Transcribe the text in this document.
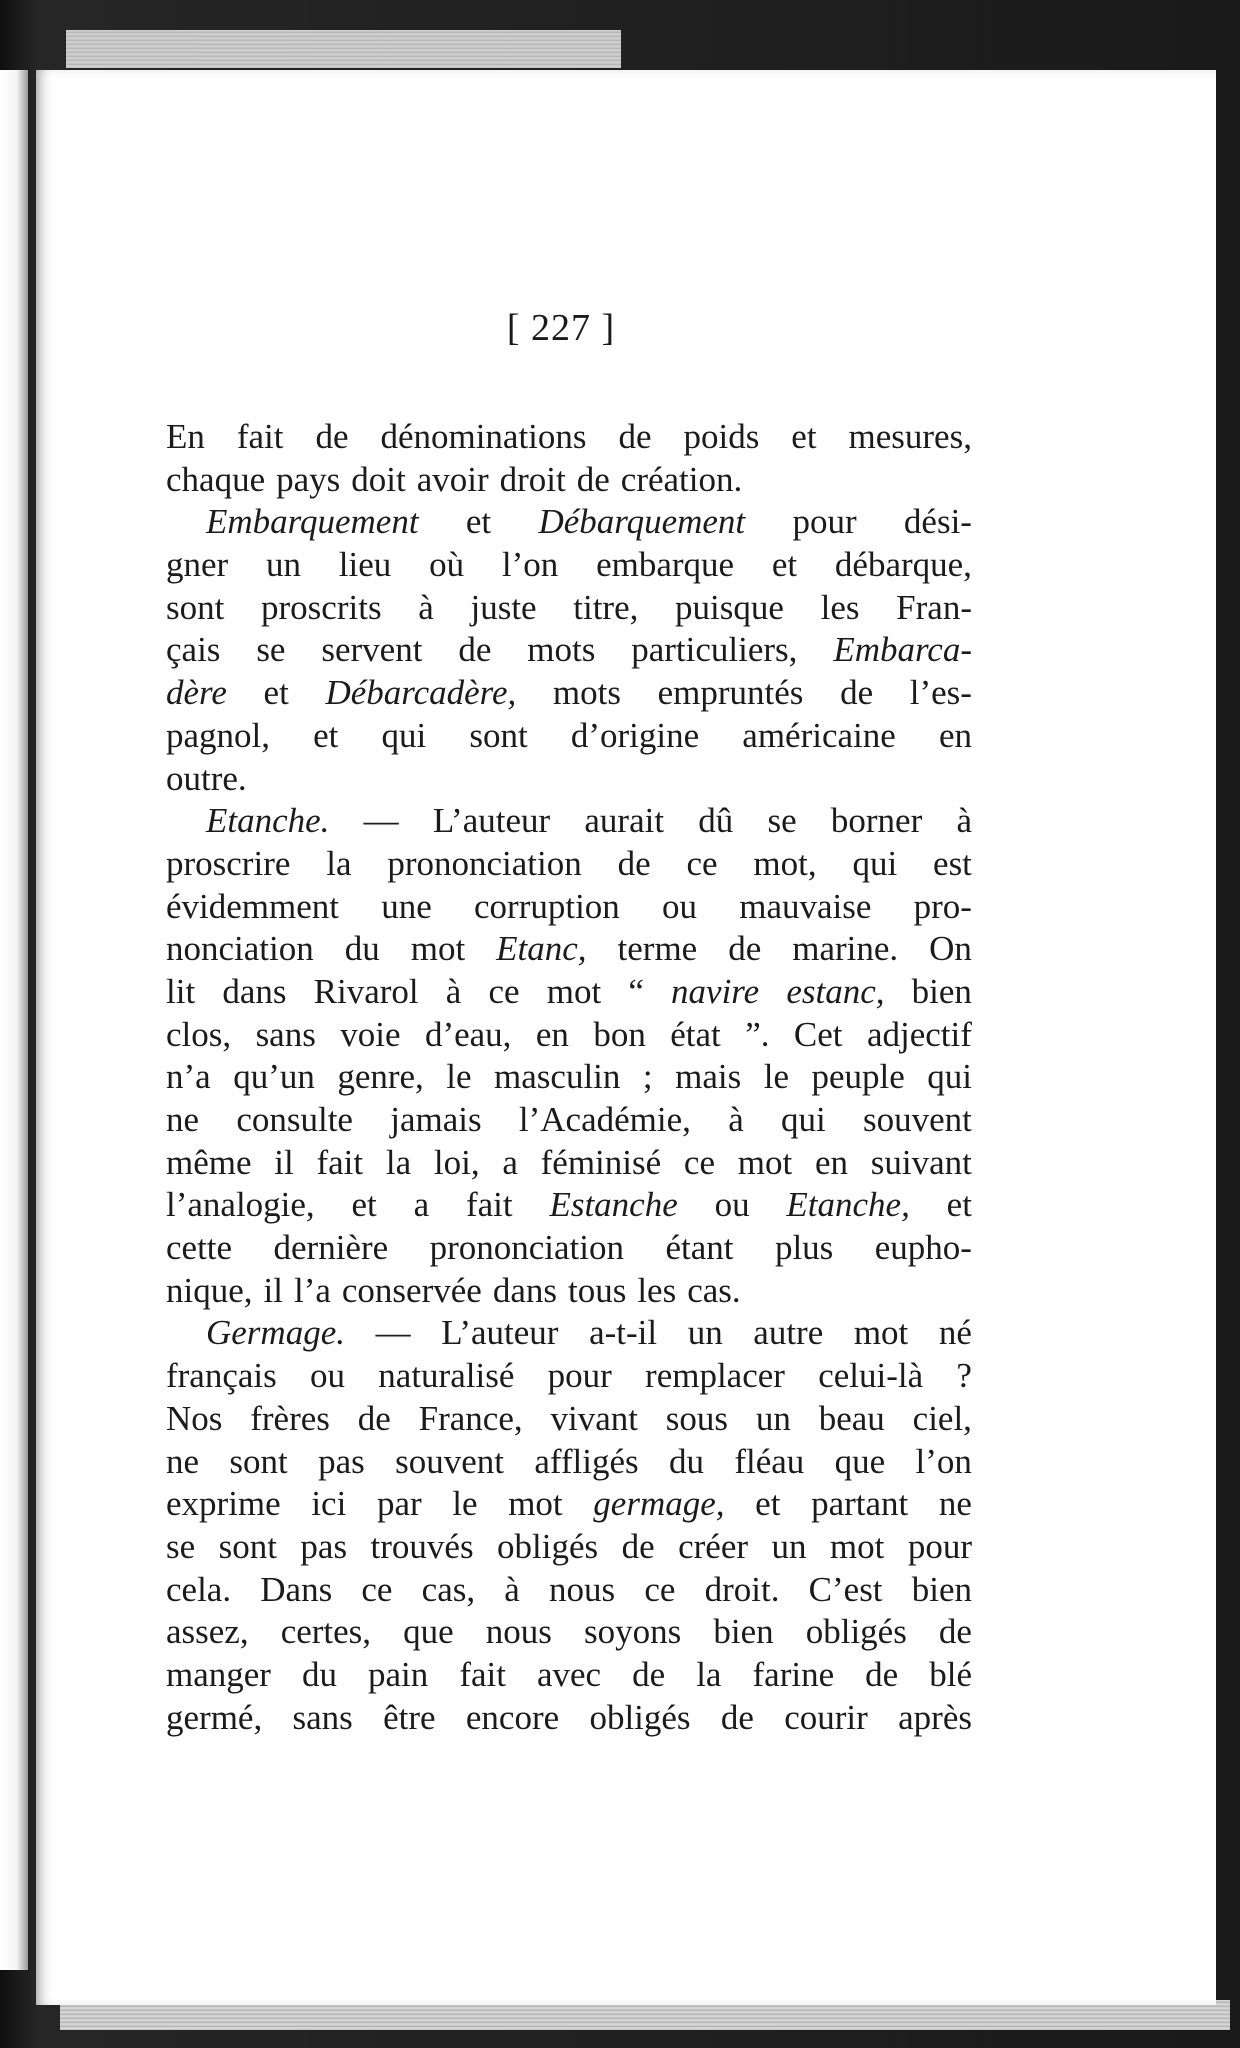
[ 227 ]
En fait de dénominations de poids et mesures,
chaque pays doit avoir droit de création.
Embarquement et Débarquement pour dési-
gner un lieu où l’on embarque et débarque,
sont proscrits à juste titre, puisque les Fran-
çais se servent de mots particuliers, Embarca-
dère et Débarcadère, mots empruntés de l’es-
pagnol, et qui sont d’origine américaine en
outre.
Etanche. — L’auteur aurait dû se borner à
proscrire la prononciation de ce mot, qui est
évidemment une corruption ou mauvaise pro-
nonciation du mot Etanc, terme de marine. On
lit dans Rivarol à ce mot “ navire estanc, bien
clos, sans voie d’eau, en bon état ”. Cet adjectif
n’a qu’un genre, le masculin ; mais le peuple qui
ne consulte jamais l’Académie, à qui souvent
même il fait la loi, a féminisé ce mot en suivant
l’analogie, et a fait Estanche ou Etanche, et
cette dernière prononciation étant plus eupho-
nique, il l’a conservée dans tous les cas.
Germage. — L’auteur a-t-il un autre mot né
français ou naturalisé pour remplacer celui-là ?
Nos frères de France, vivant sous un beau ciel,
ne sont pas souvent affligés du fléau que l’on
exprime ici par le mot germage, et partant ne
se sont pas trouvés obligés de créer un mot pour
cela. Dans ce cas, à nous ce droit. C’est bien
assez, certes, que nous soyons bien obligés de
manger du pain fait avec de la farine de blé
germé, sans être encore obligés de courir après
